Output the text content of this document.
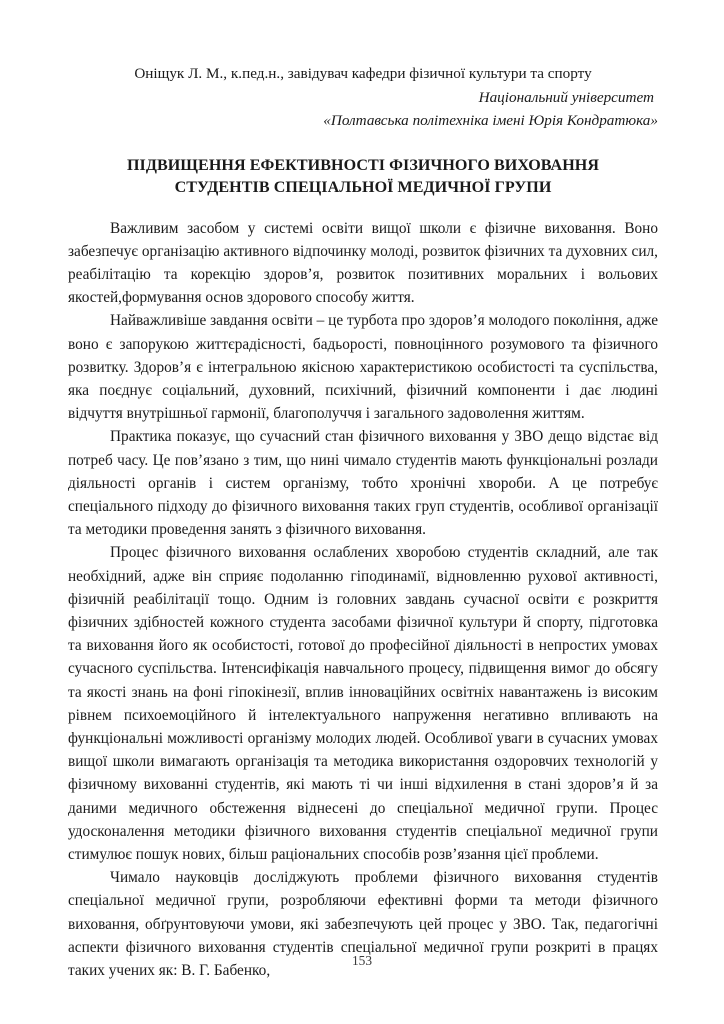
Оніщук Л. М., к.пед.н., завідувач кафедри фізичної культури та спорту
Національний університет
«Полтавська політехніка імені Юрія Кондратюка»
ПІДВИЩЕННЯ ЕФЕКТИВНОСТІ ФІЗИЧНОГО ВИХОВАННЯ
СТУДЕНТІВ СПЕЦІАЛЬНОЇ МЕДИЧНОЇ ГРУПИ

Важливим засобом у системі освіти вищої школи є фізичне виховання. Воно забезпечує організацію активного відпочинку молоді, розвиток фізичних та духовних сил, реабілітацію та корекцію здоров’я, розвиток позитивних моральних і вольових якостей,формування основ здорового способу життя.

Найважливіше завдання освіти – це турбота про здоров’я молодого покоління, адже воно є запорукою життєрадісності, бадьорості, повноцінного розумового та фізичного розвитку. Здоров’я є інтегральною якісною характеристикою особистості та суспільства, яка поєднує соціальний, духовний, психічний, фізичний компоненти і дає людині відчуття внутрішньої гармонії, благополуччя і загального задоволення життям.

Практика показує, що сучасний стан фізичного виховання у ЗВО дещо відстає від потреб часу. Це пов’язано з тим, що нині чимало студентів мають функціональні розлади діяльності органів і систем організму, тобто хронічні хвороби. А це потребує спеціального підходу до фізичного виховання таких груп студентів, особливої організації та методики проведення занять з фізичного виховання.

Процес фізичного виховання ослаблених хворобою студентів складний, але так необхідний, адже він сприяє подоланню гіподинамії, відновленню рухової активності, фізичній реабілітації тощо. Одним із головних завдань сучасної освіти є розкриття фізичних здібностей кожного студента засобами фізичної культури й спорту, підготовка та виховання його як особистості, готової до професійної діяльності в непростих умовах сучасного суспільства. Інтенсифікація навчального процесу, підвищення вимог до обсягу та якості знань на фоні гіпокінезії, вплив інноваційних освітніх навантажень із високим рівнем психоемоційного й інтелектуального напруження негативно впливають на функціональні можливості організму молодих людей. Особливої уваги в сучасних умовах вищої школи вимагають організація та методика використання оздоровчих технологій у фізичному вихованні студентів, які мають ті чи інші відхилення в стані здоров’я й за даними медичного обстеження віднесені до спеціальної медичної групи. Процес удосконалення методики фізичного виховання студентів спеціальної медичної групи стимулює пошук нових, більш раціональних способів розв’язання цієї проблеми.

Чимало науковців досліджують проблеми фізичного виховання студентів спеціальної медичної групи, розробляючи ефективні форми та методи фізичного виховання, обґрунтовуючи умови, які забезпечують цей процес у ЗВО. Так, педагогічні аспекти фізичного виховання студентів спеціальної медичної групи розкриті в працях таких учених як: В. Г. Бабенко,

153
